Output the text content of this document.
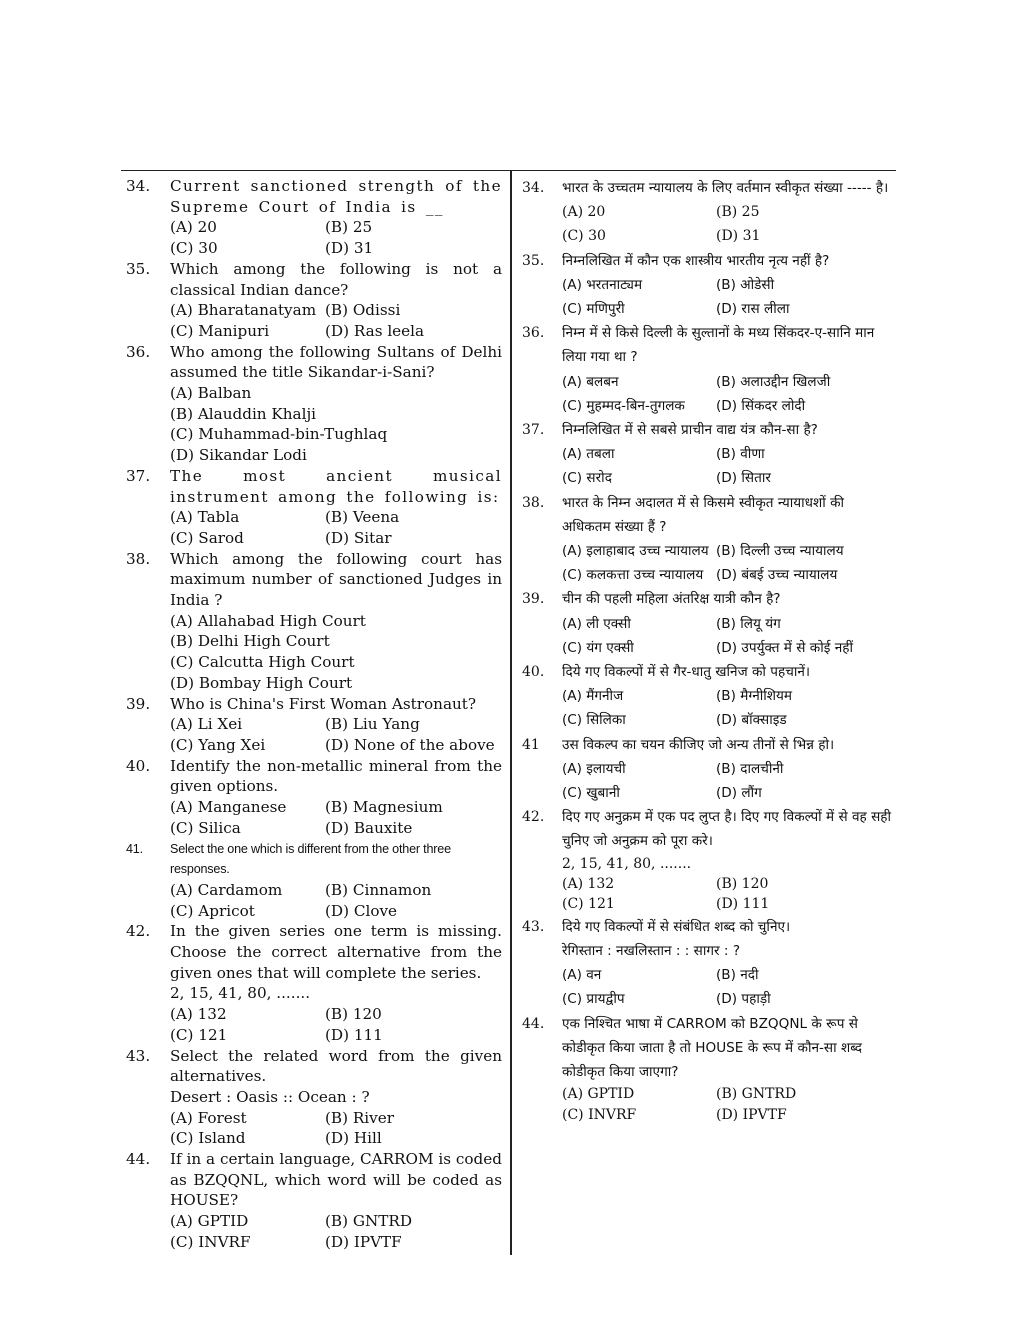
34.	Current sanctioned strength of the Supreme Court of India is __
(A) 20	(B) 25
(C) 30	(D) 31
35.	Which among the following is not a classical Indian dance?
(A) Bharatanatyam (B) Odissi
(C) Manipuri	(D) Ras leela
36.	Who among the following Sultans of Delhi assumed the title Sikandar-i-Sani?
(A) Balban
(B) Alauddin Khalji
(C) Muhammad-bin-Tughlaq
(D) Sikandar Lodi
37.	The most ancient musical instrument among the following is:
(A) Tabla	(B) Veena
(C) Sarod	(D) Sitar
38.	Which among the following court has maximum number of sanctioned Judges in India ?
(A) Allahabad High Court
(B) Delhi High Court
(C) Calcutta High Court
(D) Bombay High Court
39.	Who is China's First Woman Astronaut?
(A) Li Xei	(B) Liu Yang
(C) Yang Xei	(D) None of the above
40.	Identify the non-metallic mineral from the given options.
(A) Manganese	(B) Magnesium
(C) Silica	(D) Bauxite
41.	Select the one which is different from the other three responses.
(A) Cardamom	(B) Cinnamon
(C) Apricot	(D) Clove
42.	In the given series one term is missing. Choose the correct alternative from the given ones that will complete the series.
2, 15, 41, 80, .......
(A) 132	(B) 120
(C) 121	(D) 111
43.	Select the related word from the given alternatives.
Desert : Oasis :: Ocean : ?
(A) Forest	(B) River
(C) Island	(D) Hill
44.	If in a certain language, CARROM is coded as BZQQNL, which word will be coded as HOUSE?
(A) GPTID	(B) GNTRD
(C) INVRF	(D) IPVTF
34.	भारत के उच्चतम न्यायालय के लिए वर्तमान स्वीकृत संख्या ----- है।
(A) 20	(B) 25
(C) 30	(D) 31
35.	निम्नलिखित में कौन एक शास्त्रीय भारतीय नृत्य नहीं है?
(A) भरतनाट्यम	(B) ओडेसी
(C) मणिपुरी	(D) रास लीला
36.	निम्न में से किसे दिल्ली के सुल्तानों के मध्य सिंकदर-ए-सानि मान लिया गया था ?
(A) बलबन	(B) अलाउद्दीन खिलजी
(C) मुहम्मद-बिन-तुगलक	(D) सिंकदर लोदी
37.	निम्नलिखित में से सबसे प्राचीन वाद्य यंत्र कौन-सा है?
(A) तबला	(B) वीणा
(C) सरोद	(D) सितार
38.	भारत के निम्न अदालत में से किसमे स्वीकृत न्यायाधशों की अधिकतम संख्या हैं ?
(A) इलाहाबाद उच्च न्यायालय (B) दिल्ली उच्च न्यायालय
(C) कलकत्ता उच्च न्यायालय (D) बंबई उच्च न्यायालय
39.	चीन की पहली महिला अंतरिक्ष यात्री कौन है?
(A) ली एक्सी	(B) लियू यंग
(C) यंग एक्सी	(D) उपर्युक्त में से कोई नहीं
40.	दिये गए विकल्पों में से गैर-धातु खनिज को पहचानें।
(A) मैंगनीज	(B) मैग्नीशियम
(C) सिलिका	(D) बॉक्साइड
41	उस विकल्प का चयन कीजिए जो अन्य तीनों से भिन्न हो।
(A) इलायची	(B) दालचीनी
(C) खुबानी	(D) लौंग
42.	दिए गए अनुक्रम में एक पद लुप्त है। दिए गए विकल्पों में से वह सही चुनिए जो अनुक्रम को पूरा करे।
2, 15, 41, 80, .......
(A) 132	(B) 120
(C) 121	(D) 111
43.	दिये गए विकल्पों में से संबंधित शब्द को चुनिए।
रेगिस्तान : नखलिस्तान : : सागर : ?
(A) वन	(B) नदी
(C) प्रायद्वीप	(D) पहाड़ी
44.	एक निश्चित भाषा में CARROM को BZQQNL के रूप से कोडीकृत किया जाता है तो HOUSE के रूप में कौन-सा शब्द कोडीकृत किया जाएगा?
(A) GPTID	(B) GNTRD
(C) INVRF	(D) IPVTF
